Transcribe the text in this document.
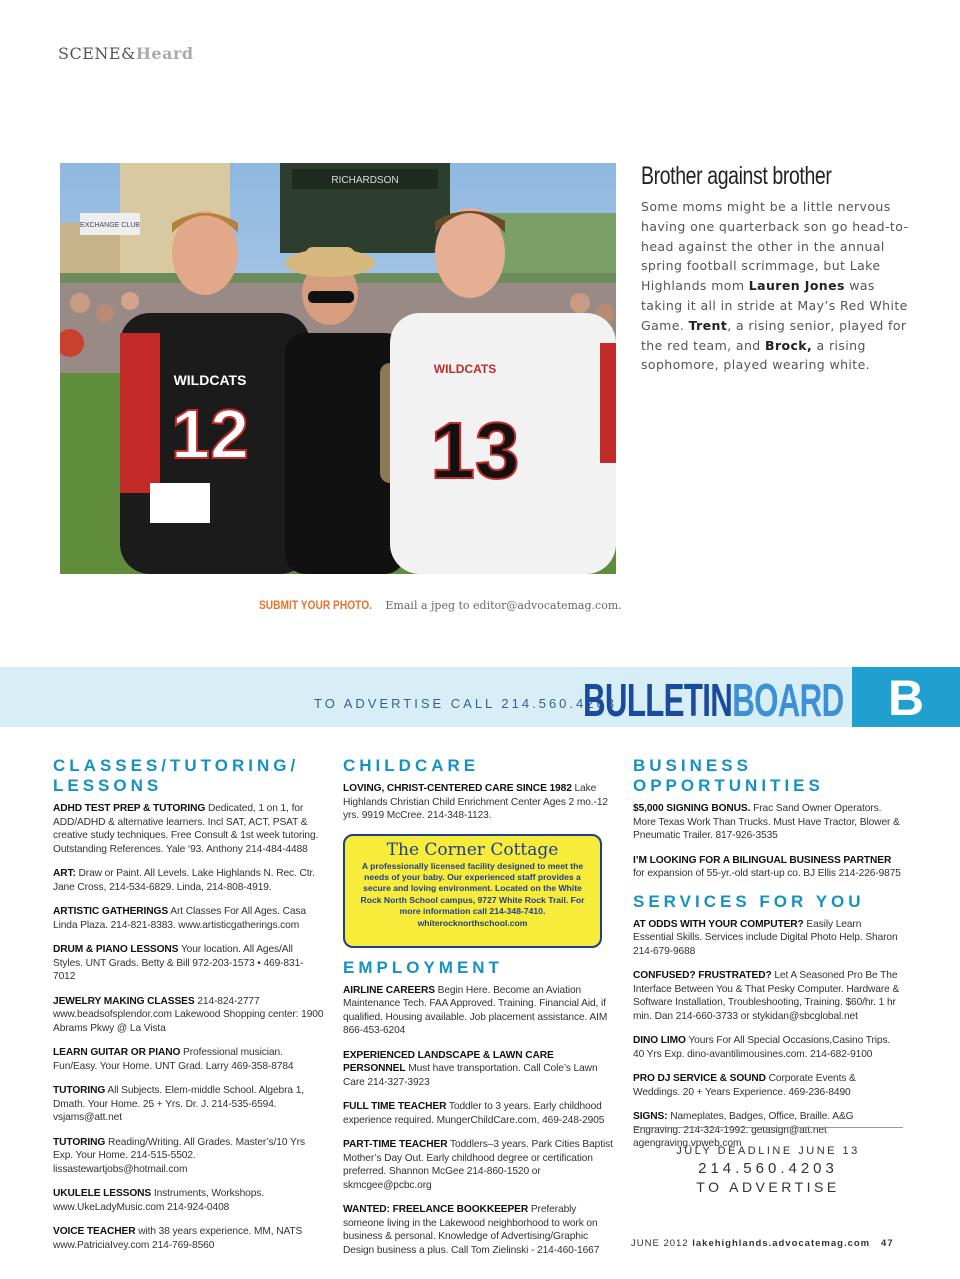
SCENE&Heard
RICHARDSON
EXCHANGE CLUB
WILDCATS
12
WILDCATS
13
Brother against brother
Some moms might be a little nervous having one quarterback son go head-to-head against the other in the annual spring football scrimmage, but Lake Highlands mom Lauren Jones was taking it all in stride at May’s Red White Game. Trent, a rising senior, played for the red team, and Brock, a rising sophomore, played wearing white.
SUBMIT YOUR PHOTO. Email a jpeg to editor@advocatemag.com.
TO ADVERTISE CALL 214.560.4203
BULLETINBOARD B
CLASSES/TUTORING/ LESSONS
ADHD TEST PREP & TUTORING Dedicated, 1 on 1, for ADD/ADHD & alternative learners. Incl SAT, ACT, PSAT & creative study techniques. Free Consult & 1st week tutoring. Outstanding References. Yale ‘93. Anthony 214-484-4488
ART: Draw or Paint. All Levels. Lake Highlands N. Rec. Ctr. Jane Cross, 214-534-6829. Linda, 214-808-4919.
ARTISTIC GATHERINGS Art Classes For All Ages. Casa Linda Plaza. 214-821-8383. www.artisticgatherings.com
DRUM & PIANO LESSONS Your location. All Ages/All Styles. UNT Grads. Betty & Bill 972-203-1573 • 469-831-7012
JEWELRY MAKING CLASSES 214-824-2777 www.beadsofsplendor.com Lakewood Shopping center: 1900 Abrams Pkwy @ La Vista
LEARN GUITAR OR PIANO Professional musician. Fun/Easy. Your Home. UNT Grad. Larry 469-358-8784
TUTORING All Subjects. Elem-middle School. Algebra 1, Dmath. Your Home. 25 + Yrs. Dr. J. 214-535-6594. vsjams@att.net
TUTORING Reading/Writing. All Grades. Master’s/10 Yrs Exp. Your Home. 214-515-5502. lissastewartjobs@hotmail.com
UKULELE LESSONS Instruments, Workshops. www.UkeLadyMusic.com 214-924-0408
VOICE TEACHER with 38 years experience. MM, NATS www.PatriciaIvey.com 214-769-8560
CHILDCARE
LOVING, CHRIST-CENTERED CARE SINCE 1982 Lake Highlands Christian Child Enrichment Center Ages 2 mo.-12 yrs. 9919 McCree. 214-348-1123.
The Corner Cottage
A professionally licensed facility designed to meet the needs of your baby. Our experienced staff provides a secure and loving environment. Located on the White Rock North School campus, 9727 White Rock Trail. For more information call 214-348-7410. whiterocknorthschool.com
EMPLOYMENT
AIRLINE CAREERS Begin Here. Become an Aviation Maintenance Tech. FAA Approved. Training. Financial Aid, if qualified. Housing available. Job placement assistance. AIM 866-453-6204
EXPERIENCED LANDSCAPE & LAWN CARE PERSONNEL Must have transportation. Call Cole’s Lawn Care 214-327-3923
FULL TIME TEACHER Toddler to 3 years. Early childhood experience required. MungerChildCare.com, 469-248-2905
PART-TIME TEACHER Toddlers–3 years. Park Cities Baptist Mother’s Day Out. Early childhood degree or certification preferred. Shannon McGee 214-860-1520 or skmcgee@pcbc.org
WANTED: FREELANCE BOOKKEEPER Preferably someone living in the Lakewood neighborhood to work on business & personal. Knowledge of Advertising/Graphic Design business a plus. Call Tom Zielinski - 214-460-1667
BUSINESS OPPORTUNITIES
$5,000 SIGNING BONUS. Frac Sand Owner Operators. More Texas Work Than Trucks. Must Have Tractor, Blower & Pneumatic Trailer. 817-926-3535
I’M LOOKING FOR A BILINGUAL BUSINESS PARTNER for expansion of 55-yr.-old start-up co. BJ Ellis 214-226-9875
SERVICES FOR YOU
AT ODDS WITH YOUR COMPUTER? Easily Learn Essential Skills. Services include Digital Photo Help. Sharon 214-679-9688
CONFUSED? FRUSTRATED? Let A Seasoned Pro Be The Interface Between You & That Pesky Computer. Hardware & Software Installation, Troubleshooting, Training. $60/hr. 1 hr min. Dan 214-660-3733 or stykidan@sbcglobal.net
DINO LIMO Yours For All Special Occasions,Casino Trips. 40 Yrs Exp. dino-avantilimousines.com. 214-682-9100
PRO DJ SERVICE & SOUND Corporate Events & Weddings. 20 + Years Experience. 469-236-8490
SIGNS: Nameplates, Badges, Office, Braille. A&G Engraving. 214-324-1992. getasign@att.net agengraving.vpweb.com
JULY DEADLINE JUNE 13
214.560.4203
TO ADVERTISE
JUNE 2012 lakehighlands.advocatemag.com   47
